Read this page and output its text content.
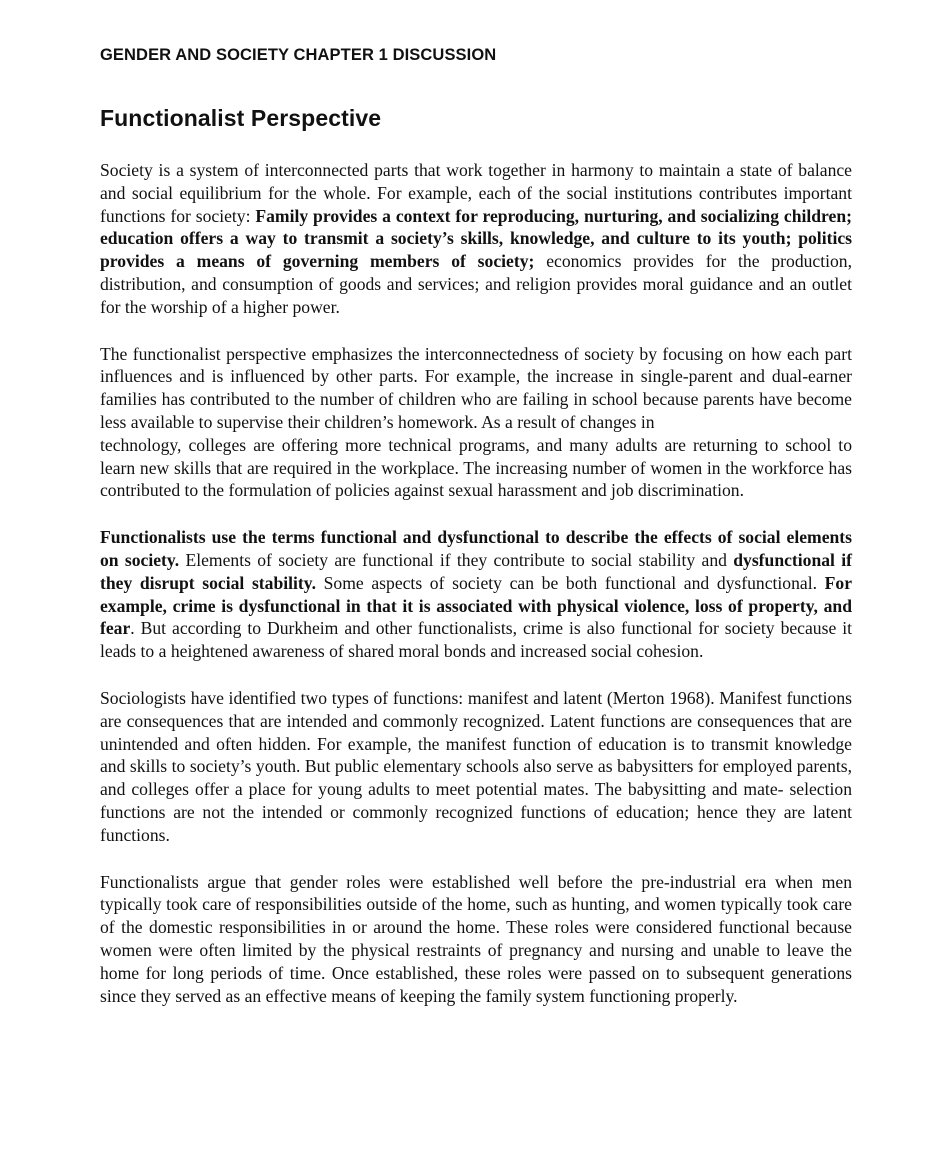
GENDER AND SOCIETY CHAPTER 1 DISCUSSION
Functionalist Perspective

Society is a system of interconnected parts that work together in harmony to maintain a state of balance and social equilibrium for the whole. For example, each of the social institutions contributes important functions for society: Family provides a context for reproducing, nurturing, and socializing children; education offers a way to transmit a society’s skills, knowledge, and culture to its youth; politics provides a means of governing members of society; economics provides for the production, distribution, and consumption of goods and services; and religion provides moral guidance and an outlet for the worship of a higher power.

The functionalist perspective emphasizes the interconnectedness of society by focusing on how each part influences and is influenced by other parts. For example, the increase in single-parent and dual-earner families has contributed to the number of children who are failing in school because parents have become less available to supervise their children’s homework. As a result of changes in

technology, colleges are offering more technical programs, and many adults are returning to school to learn new skills that are required in the workplace. The increasing number of women in the workforce has contributed to the formulation of policies against sexual harassment and job discrimination.

Functionalists use the terms functional and dysfunctional to describe the effects of social elements on society. Elements of society are functional if they contribute to social stability and dysfunctional if they disrupt social stability. Some aspects of society can be both functional and dysfunctional. For example, crime is dysfunctional in that it is associated with physical violence, loss of property, and fear. But according to Durkheim and other functionalists, crime is also functional for society because it leads to a heightened awareness of shared moral bonds and increased social cohesion.

Sociologists have identified two types of functions: manifest and latent (Merton 1968). Manifest functions are consequences that are intended and commonly recognized. Latent functions are consequences that are unintended and often hidden. For example, the manifest function of education is to transmit knowledge and skills to society’s youth. But public elementary schools also serve as babysitters for employed parents, and colleges offer a place for young adults to meet potential mates. The babysitting and mate- selection functions are not the intended or commonly recognized functions of education; hence they are latent functions.

Functionalists argue that gender roles were established well before the pre-industrial era when men typically took care of responsibilities outside of the home, such as hunting, and women typically took care of the domestic responsibilities in or around the home. These roles were considered functional because women were often limited by the physical restraints of pregnancy and nursing and unable to leave the home for long periods of time. Once established, these roles were passed on to subsequent generations since they served as an effective means of keeping the family system functioning properly.
